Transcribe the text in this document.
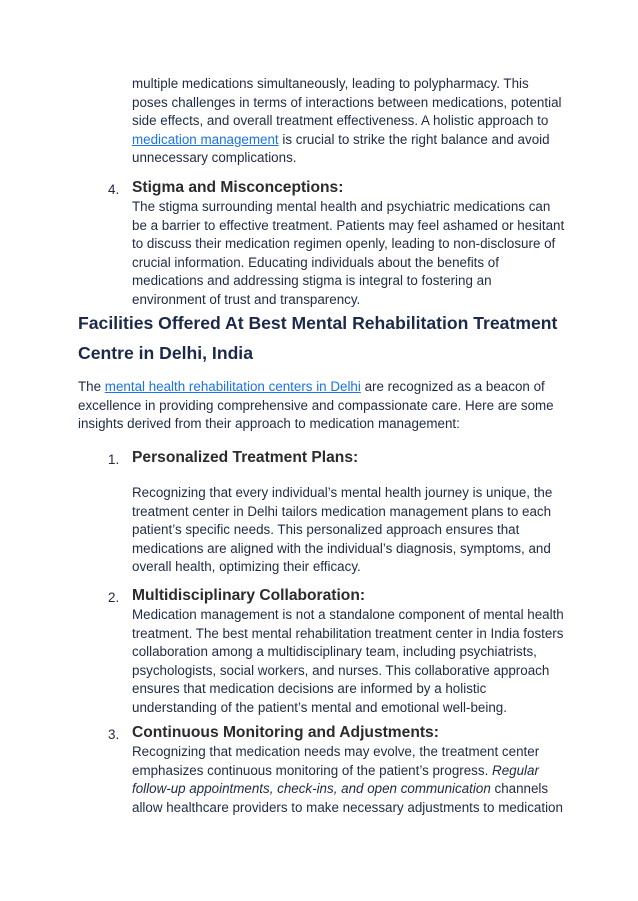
multiple medications simultaneously, leading to polypharmacy. This poses challenges in terms of interactions between medications, potential side effects, and overall treatment effectiveness. A holistic approach to medication management is crucial to strike the right balance and avoid unnecessary complications.

4. Stigma and Misconceptions:

The stigma surrounding mental health and psychiatric medications can be a barrier to effective treatment. Patients may feel ashamed or hesitant to discuss their medication regimen openly, leading to non-disclosure of crucial information. Educating individuals about the benefits of medications and addressing stigma is integral to fostering an environment of trust and transparency.

Facilities Offered At Best Mental Rehabilitation Treatment Centre in Delhi, India

The mental health rehabilitation centers in Delhi are recognized as a beacon of excellence in providing comprehensive and compassionate care. Here are some insights derived from their approach to medication management:

1. Personalized Treatment Plans:

Recognizing that every individual’s mental health journey is unique, the treatment center in Delhi tailors medication management plans to each patient’s specific needs. This personalized approach ensures that medications are aligned with the individual’s diagnosis, symptoms, and overall health, optimizing their efficacy.

2. Multidisciplinary Collaboration:

Medication management is not a standalone component of mental health treatment. The best mental rehabilitation treatment center in India fosters collaboration among a multidisciplinary team, including psychiatrists, psychologists, social workers, and nurses. This collaborative approach ensures that medication decisions are informed by a holistic understanding of the patient’s mental and emotional well-being.

3. Continuous Monitoring and Adjustments:

Recognizing that medication needs may evolve, the treatment center emphasizes continuous monitoring of the patient’s progress. Regular follow-up appointments, check-ins, and open communication channels allow healthcare providers to make necessary adjustments to medication
